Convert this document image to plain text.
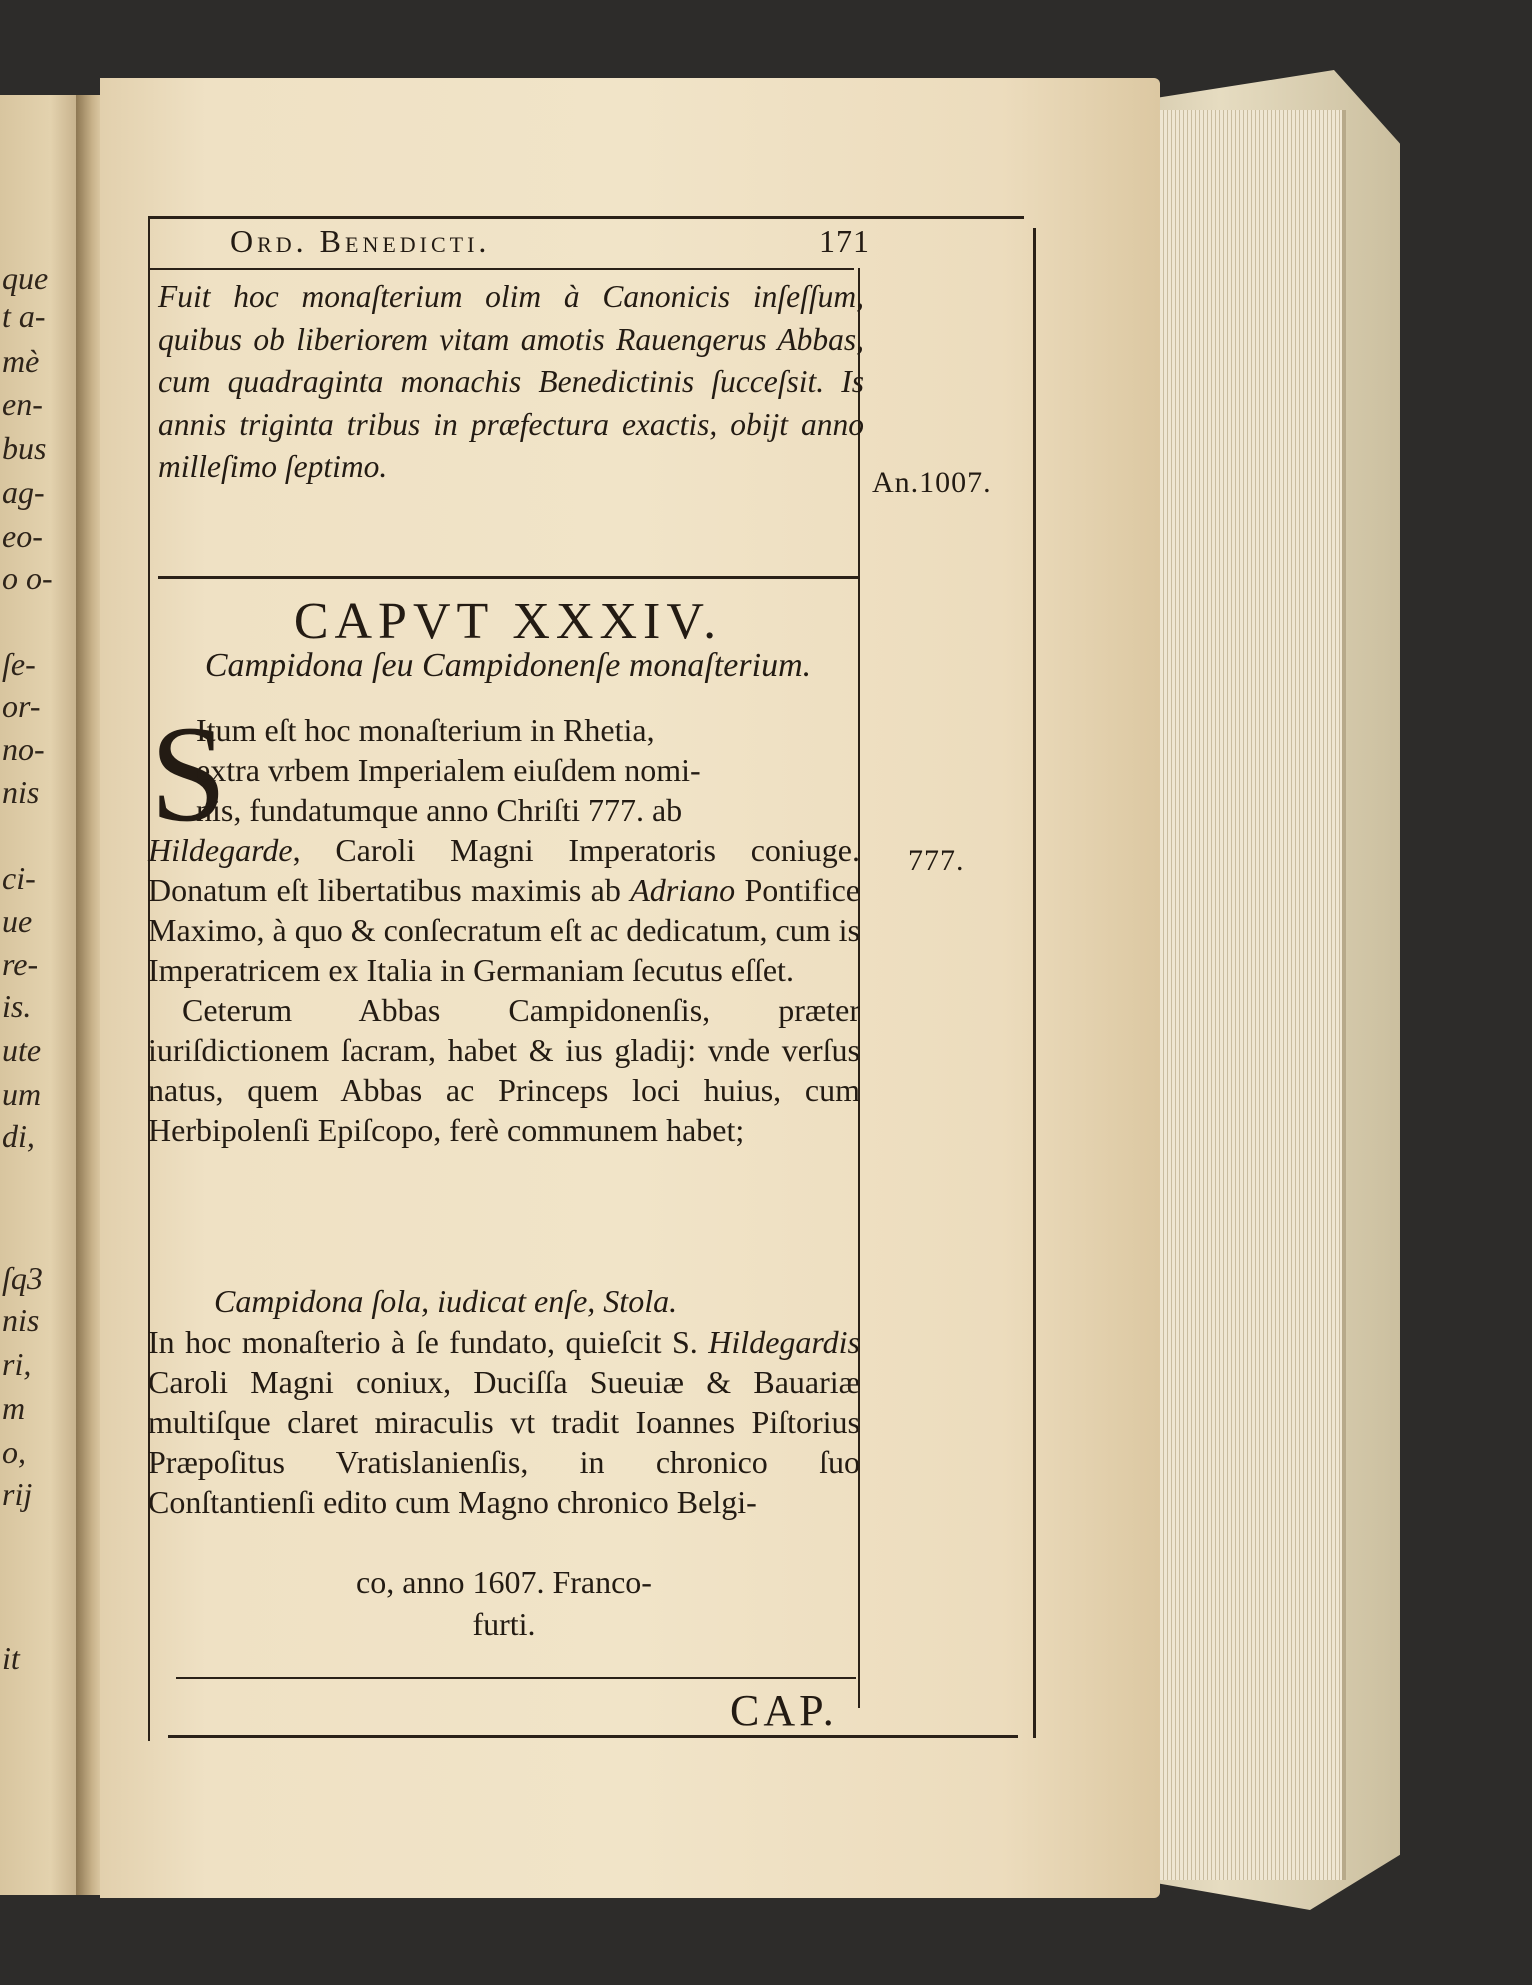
que
t a-
mè
en-
bus
ag-
eo-
o o-
ſe-
or-
no-
nis
ci-
ue
re-
is.
ute
um
di,
ſq3
nis
ri,
m
o,
rij
it
Ord. Benedicti.	171

Fuit hoc monaſterium olim à Canonicis inſeſſum, quibus ob liberiorem vitam amotis Rauengerus Abbas, cum quadraginta monachis Benedictinis ſucceſsit. Is annis triginta tribus in præfectura exactis, obijt anno milleſimo ſeptimo.	An.1007.
777.
CAPVT XXXIV.
Campidona ſeu Campidonenſe monaſterium.
S
Itum eſt hoc monaſterium in Rhetia,
extra vrbem Imperialem eiuſdem nomi-
nis, fundatumque anno Chriſti 777. ab
Hildegarde, Caroli Magni Imperatoris coniuge. Donatum eſt libertatibus maximis ab Adriano Pontifice Maximo, à quo & conſecratum eſt ac dedicatum, cum is Imperatricem ex Italia in Germaniam ſecutus eſſet.
Ceterum Abbas Campidonenſis, præter iuriſdictionem ſacram, habet & ius gladij: vnde verſus natus, quem Abbas ac Princeps loci huius, cum Herbipolenſi Epiſcopo, ferè communem habet;
Campidona ſola, iudicat enſe, Stola.
In hoc monaſterio à ſe fundato, quieſcit S. Hildegardis Caroli Magni coniux, Duciſſa Sueuiæ & Bauariæ multiſque claret miraculis vt tradit Ioannes Piſtorius Præpoſitus Vratislanienſis, in chronico ſuo Conſtantienſi edito cum Magno chronico Belgi-
co, anno 1607. Franco-
furti.
CAP.
